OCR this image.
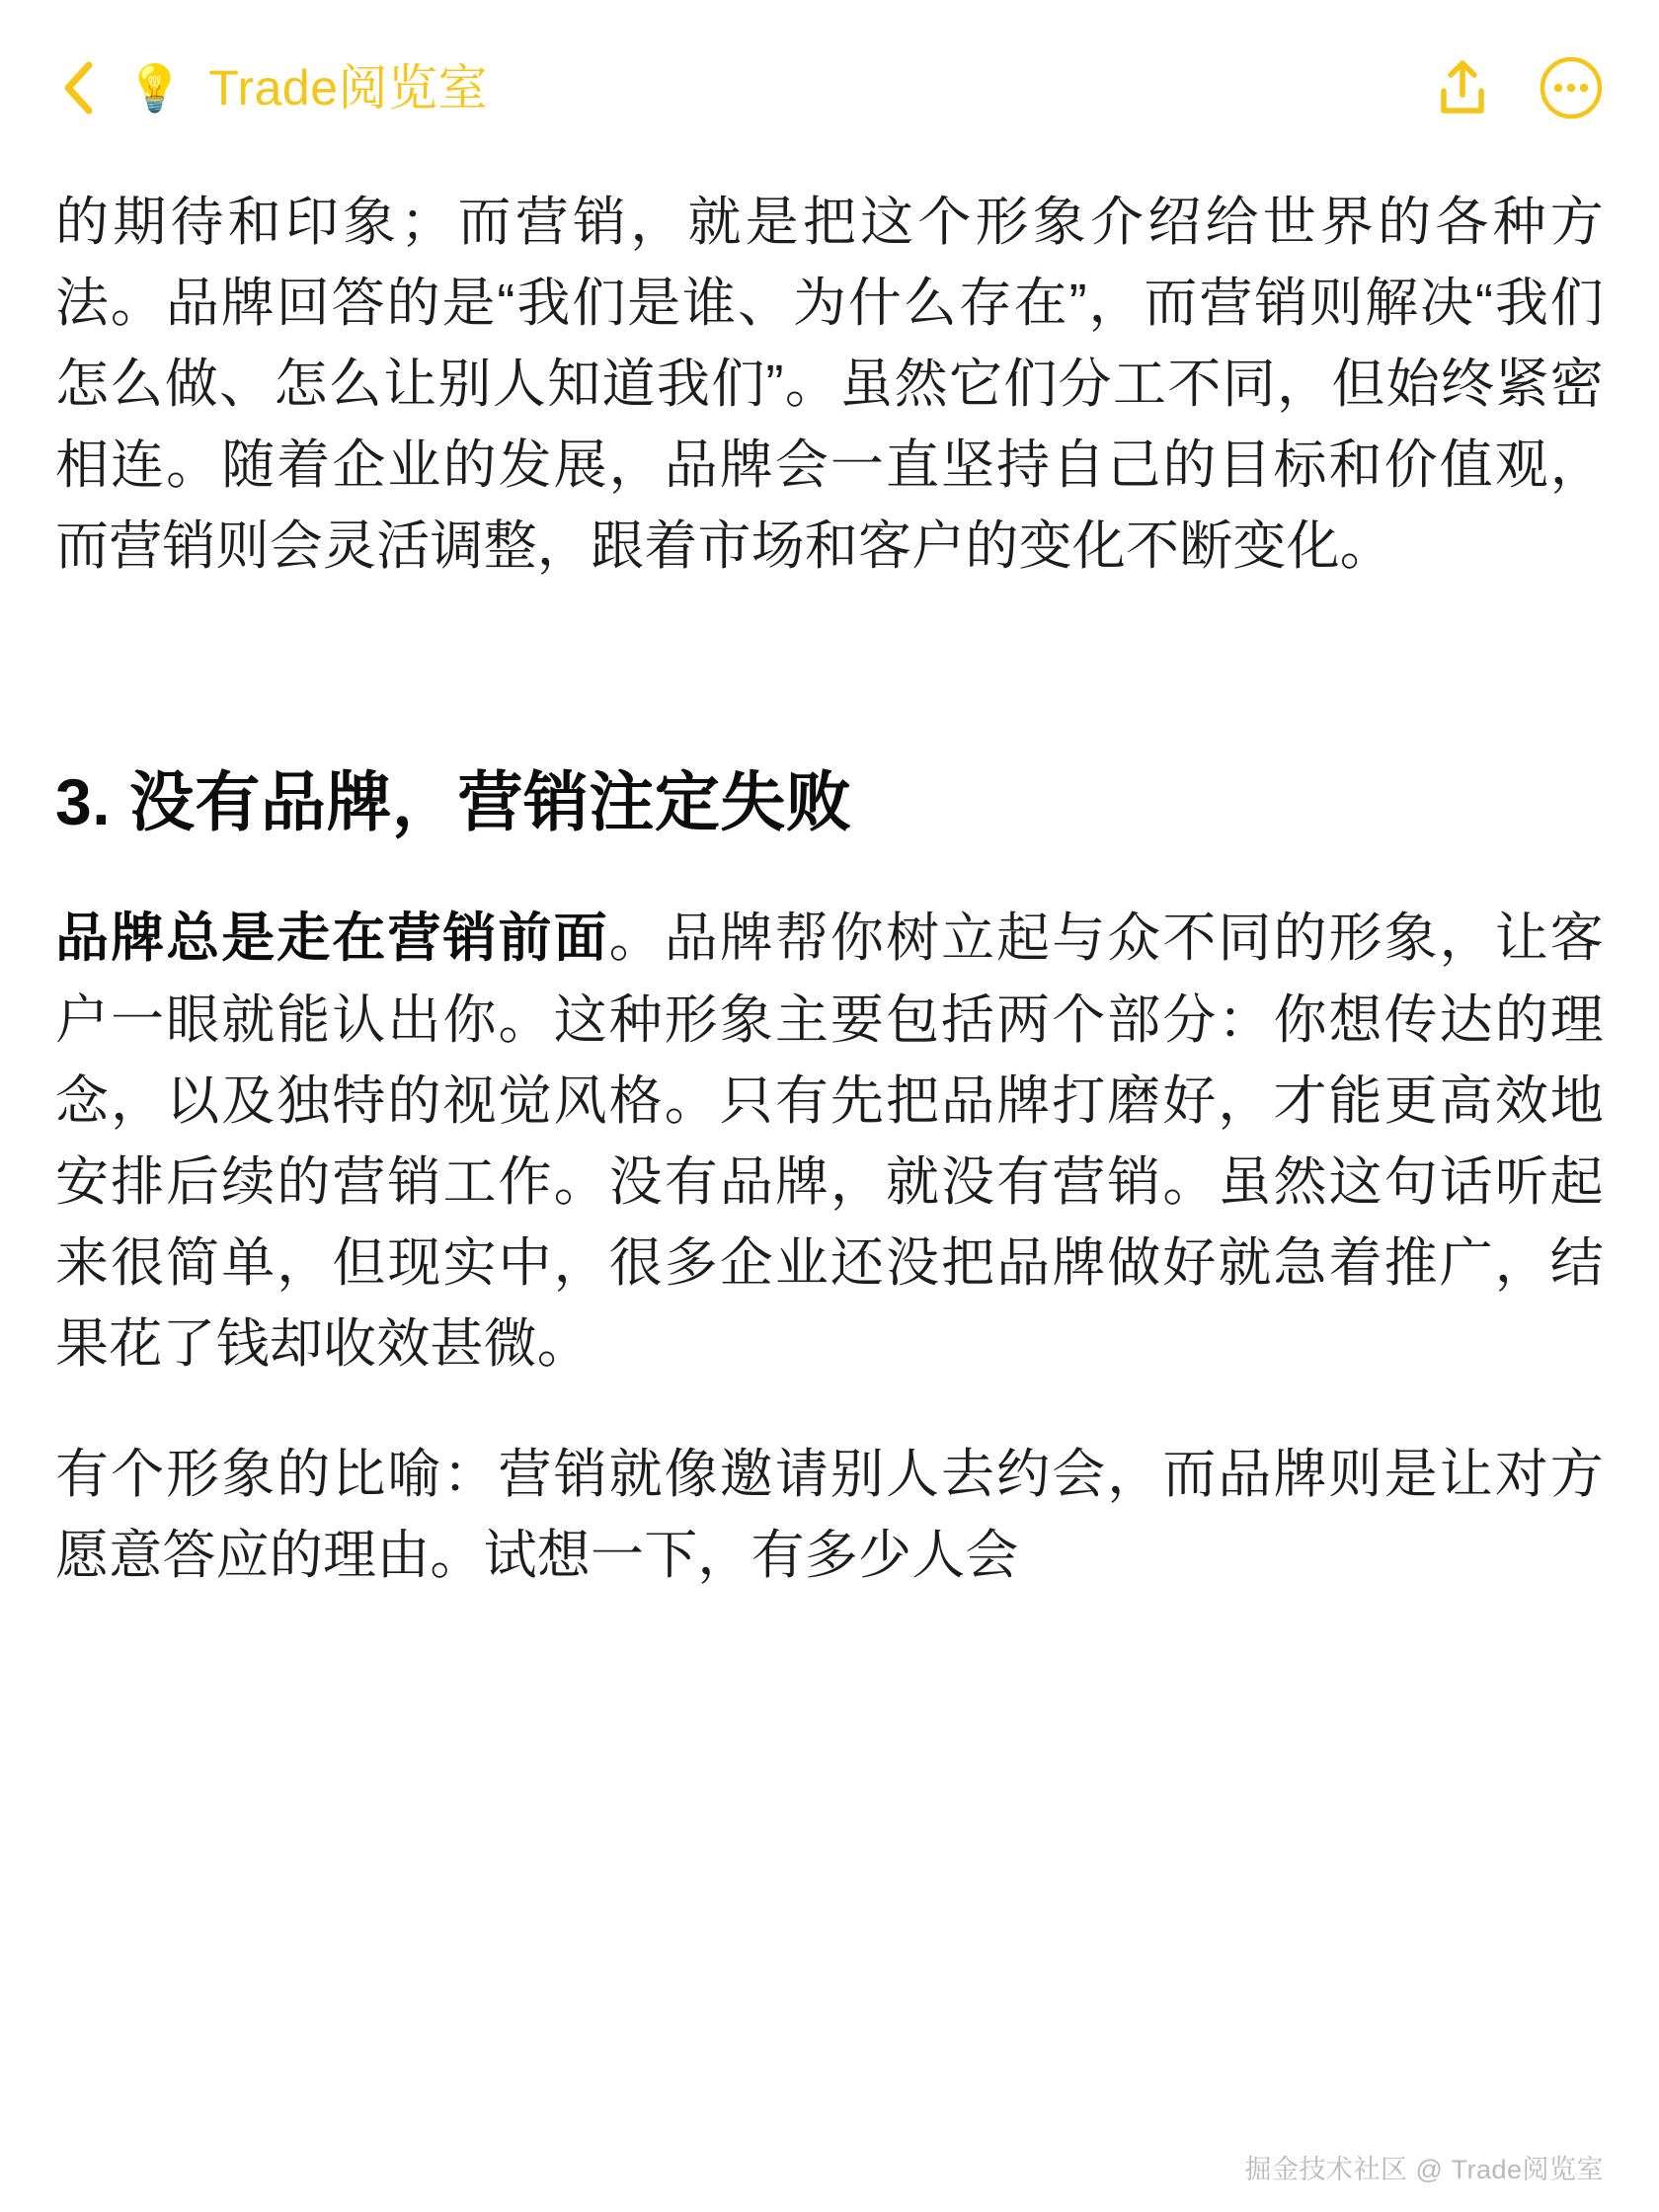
💡 Trade阅览室

的期待和印象；而营销，就是把这个形象介绍给世界的各种方法。品牌回答的是“我们是谁、为什么存在”，而营销则解决“我们怎么做、怎么让别人知道我们”。虽然它们分工不同，但始终紧密相连。随着企业的发展，品牌会一直坚持自己的目标和价值观，而营销则会灵活调整，跟着市场和客户的变化不断变化。

3. 没有品牌，营销注定失败

品牌总是走在营销前面。品牌帮你树立起与众不同的形象，让客户一眼就能认出你。这种形象主要包括两个部分：你想传达的理念，以及独特的视觉风格。只有先把品牌打磨好，才能更高效地安排后续的营销工作。没有品牌，就没有营销。虽然这句话听起来很简单，但现实中，很多企业还没把品牌做好就急着推广，结果花了钱却收效甚微。

有个形象的比喻：营销就像邀请别人去约会，而品牌则是让对方愿意答应的理由。试想一下，有多少人会

掘金技术社区 @ Trade阅览室
